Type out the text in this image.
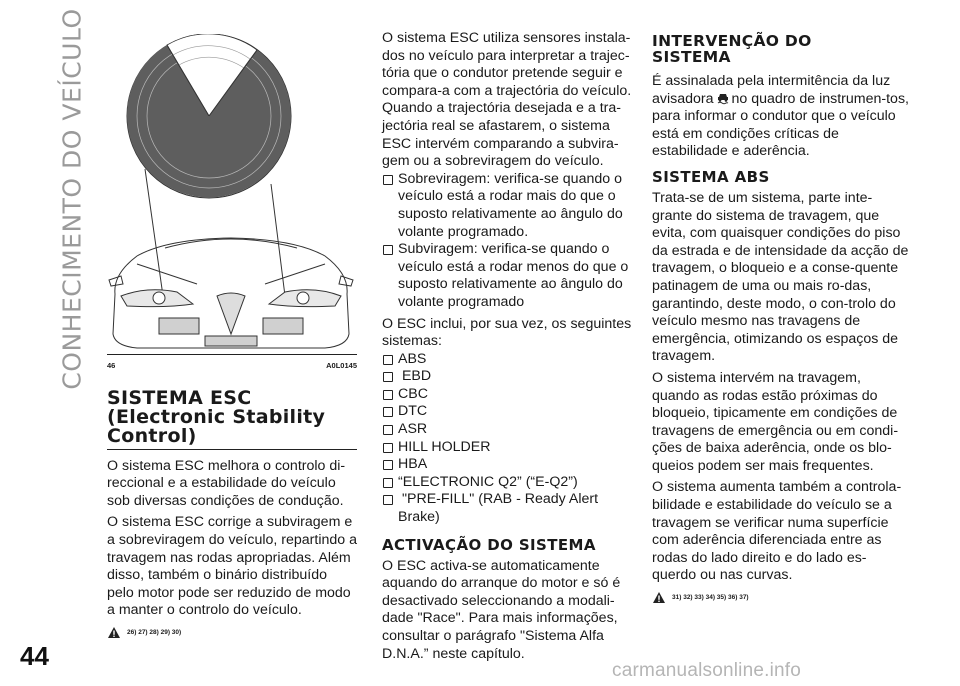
CONHECIMENTO DO VEÍCULO	46	A0L0145
SISTEMA ESC (Electronic Stability Control)

O sistema ESC melhora o controlo di-reccional e a estabilidade do veículo sob diversas condições de condução.

O sistema ESC corrige a subviragem e a sobreviragem do veículo, repartindo a travagem nas rodas apropriadas. Além disso, também o binário distribuído pelo motor pode ser reduzido de modo a manter o controlo do veículo.

26) 27) 28) 29) 30)

O sistema ESC utiliza sensores instala-dos no veículo para interpretar a trajec-tória que o condutor pretende seguir e compara-a com a trajectória do veículo. Quando a trajectória desejada e a tra-jectória real se afastarem, o sistema ESC intervém comparando a subvira-gem ou a sobreviragem do veículo.

Sobreviragem: verifica-se quando o veículo está a rodar mais do que o suposto relativamente ao ângulo do volante programado.
Subviragem: verifica-se quando o veículo está a rodar menos do que o suposto relativamente ao ângulo do volante programado

O ESC inclui, por sua vez, os seguintes sistemas:

ABS
EBD
CBC
DTC
ASR
HILL HOLDER
HBA
“ELECTRONIC Q2” (“E-Q2”)
"PRE-FILL" (RAB - Ready Alert Brake)
ACTIVAÇÃO DO SISTEMA

O ESC activa-se automaticamente aquando do arranque do motor e só é desactivado seleccionando a modali-dade "Race". Para mais informações, consultar o parágrafo "Sistema Alfa D.N.A.” neste capítulo.

INTERVENÇÃO DO SISTEMA

É assinalada pela intermitência da luz avisadora no quadro de instrumen-tos, para informar o condutor que o veículo está em condições críticas de estabilidade e aderência.

SISTEMA ABS

Trata-se de um sistema, parte inte-grante do sistema de travagem, que evita, com quaisquer condições do piso da estrada e de intensidade da acção de travagem, o bloqueio e a conse-quente patinagem de uma ou mais ro-das, garantindo, deste modo, o con-trolo do veículo mesmo nas travagens de emergência, otimizando os espaços de travagem.

O sistema intervém na travagem, quando as rodas estão próximas do bloqueio, tipicamente em condições de travagens de emergência ou em condi-ções de baixa aderência, onde os blo-queios podem ser mais frequentes.

O sistema aumenta também a controla-bilidade e estabilidade do veículo se a travagem se verificar numa superfície com aderência diferenciada entre as rodas do lado direito e do lado es-querdo ou nas curvas.

31) 32) 33) 34) 35) 36) 37)
44	carmanualsonline.info
